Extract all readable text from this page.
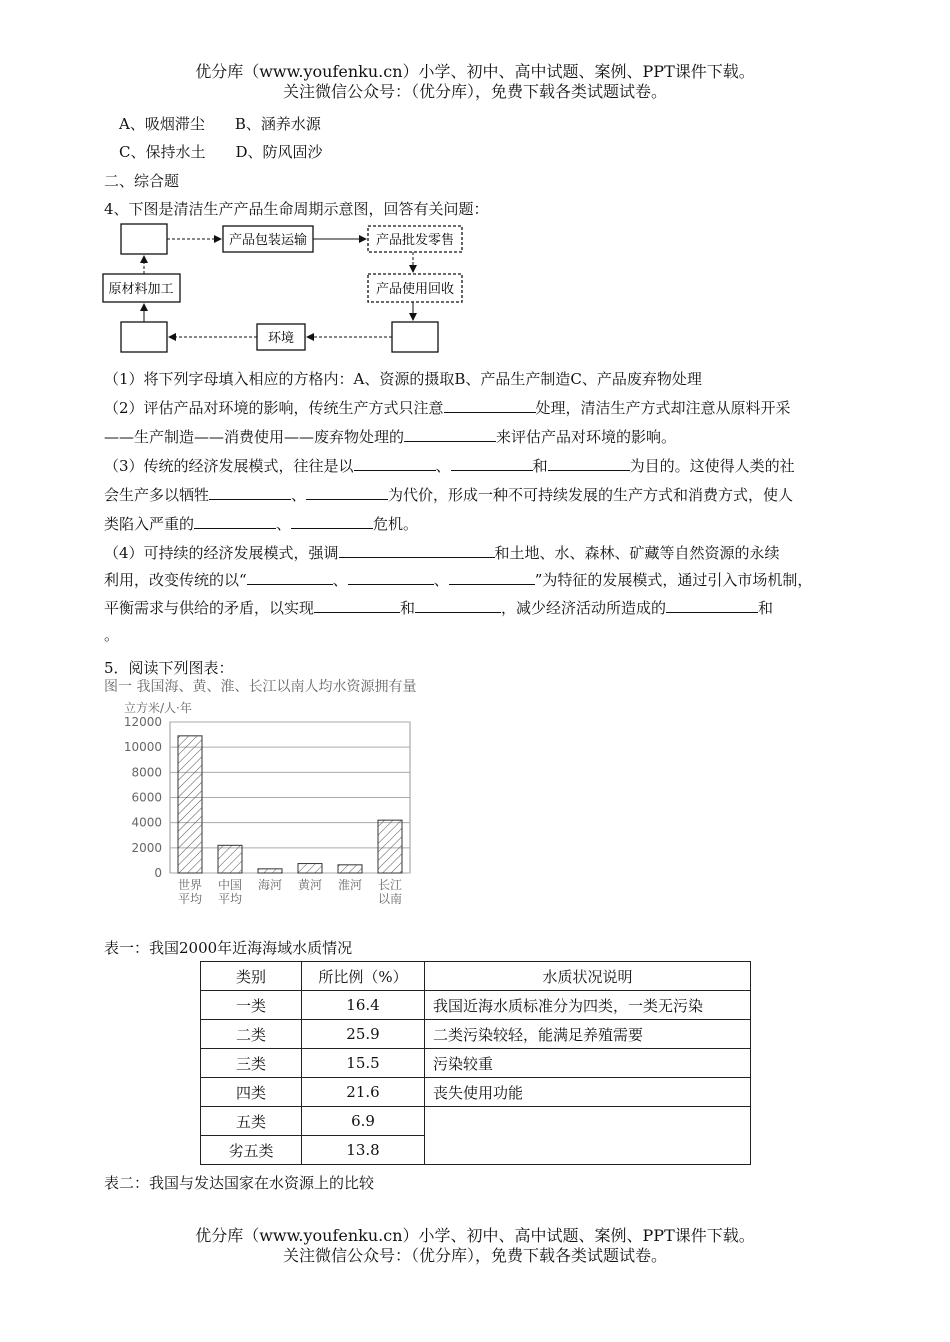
优分库（www.youfenku.cn）小学、初中、高中试题、案例、PPT课件下载。
关注微信公众号：（优分库），免费下载各类试题试卷。
A、吸烟滞尘　　B、涵养水源
C、保持水土　　D、防风固沙
二、综合题
4、下图是清洁生产产品生命周期示意图，回答有关问题：
产品包装运输	产品批发零售
原材料加工	产品使用回收
环境
（1）将下列字母填入相应的方格内：A、资源的摄取B、产品生产制造C、产品废弃物处理
（2）评估产品对环境的影响，传统生产方式只注意	处理，清洁生产方式却注意从原料开采
——生产制造——消费使用——废弃物处理的	来评估产品对环境的影响。
（3）传统的经济发展模式，往往是以	、	和	为目的。这使得人类的社
会生产多以牺牲	、	为代价，形成一种不可持续发展的生产方式和消费方式，使人
类陷入严重的	、	危机。
（4）可持续的经济发展模式，强调	和土地、水、森林、矿藏等自然资源的永续
利用，改变传统的以“	、	、	”为特征的发展模式，通过引入市场机制，
平衡需求与供给的矛盾，以实现	和	，减少经济活动所造成的	和
。
5．阅读下列图表：
图一 我国海、黄、淮、长江以南人均水资源拥有量
立方米/人·年
12000
10000
8000
6000
4000
2000
0
世界
平均
中国
平均
海河 黄河 淮河 长江
以南
表一：我国2000年近海海域水质情况
类别	所比例（%）	水质状况说明
一类	16.4	我国近海水质标准分为四类，一类无污染
二类	25.9	二类污染较轻，能满足养殖需要
三类	15.5	污染较重
四类	21.6	丧失使用功能
五类	6.9	
劣五类	13.8	
表二：我国与发达国家在水资源上的比较
优分库（www.youfenku.cn）小学、初中、高中试题、案例、PPT课件下载。
关注微信公众号：（优分库），免费下载各类试题试卷。
